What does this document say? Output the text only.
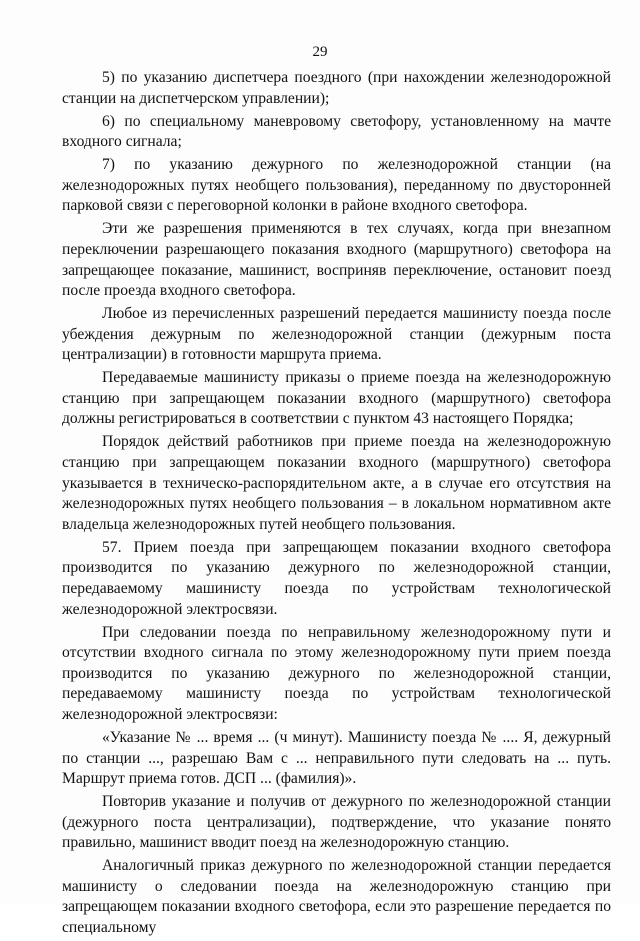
29

5) по указанию диспетчера поездного (при нахождении железнодорожной станции на диспетчерском управлении);

6) по специальному маневровому светофору, установленному на мачте входного сигнала;

7) по указанию дежурного по железнодорожной станции (на железнодорожных путях необщего пользования), переданному по двусторонней парковой связи с переговорной колонки в районе входного светофора.

Эти же разрешения применяются в тех случаях, когда при внезапном переключении разрешающего показания входного (маршрутного) светофора на запрещающее показание, машинист, восприняв переключение, остановит поезд после проезда входного светофора.

Любое из перечисленных разрешений передается машинисту поезда после убеждения дежурным по железнодорожной станции (дежурным поста централизации) в готовности маршрута приема.

Передаваемые машинисту приказы о приеме поезда на железнодорожную станцию при запрещающем показании входного (маршрутного) светофора должны регистрироваться в соответствии с пунктом 43 настоящего Порядка;

Порядок действий работников при приеме поезда на железнодорожную станцию при запрещающем показании входного (маршрутного) светофора указывается в техническо-распорядительном акте, а в случае его отсутствия на железнодорожных путях необщего пользования – в локальном нормативном акте владельца железнодорожных путей необщего пользования.

57. Прием поезда при запрещающем показании входного светофора производится по указанию дежурного по железнодорожной станции, передаваемому машинисту поезда по устройствам технологической железнодорожной электросвязи.

При следовании поезда по неправильному железнодорожному пути и отсутствии входного сигнала по этому железнодорожному пути прием поезда производится по указанию дежурного по железнодорожной станции, передаваемому машинисту поезда по устройствам технологической железнодорожной электросвязи:

«Указание № ... время ... (ч минут). Машинисту поезда № .... Я, дежурный по станции ..., разрешаю Вам с ... неправильного пути следовать на ... путь. Маршрут приема готов. ДСП ... (фамилия)».

Повторив указание и получив от дежурного по железнодорожной станции (дежурного поста централизации), подтверждение, что указание понято правильно, машинист вводит поезд на железнодорожную станцию.

Аналогичный приказ дежурного по железнодорожной станции передается машинисту о следовании поезда на железнодорожную станцию при запрещающем показании входного светофора, если это разрешение передается по специальному
